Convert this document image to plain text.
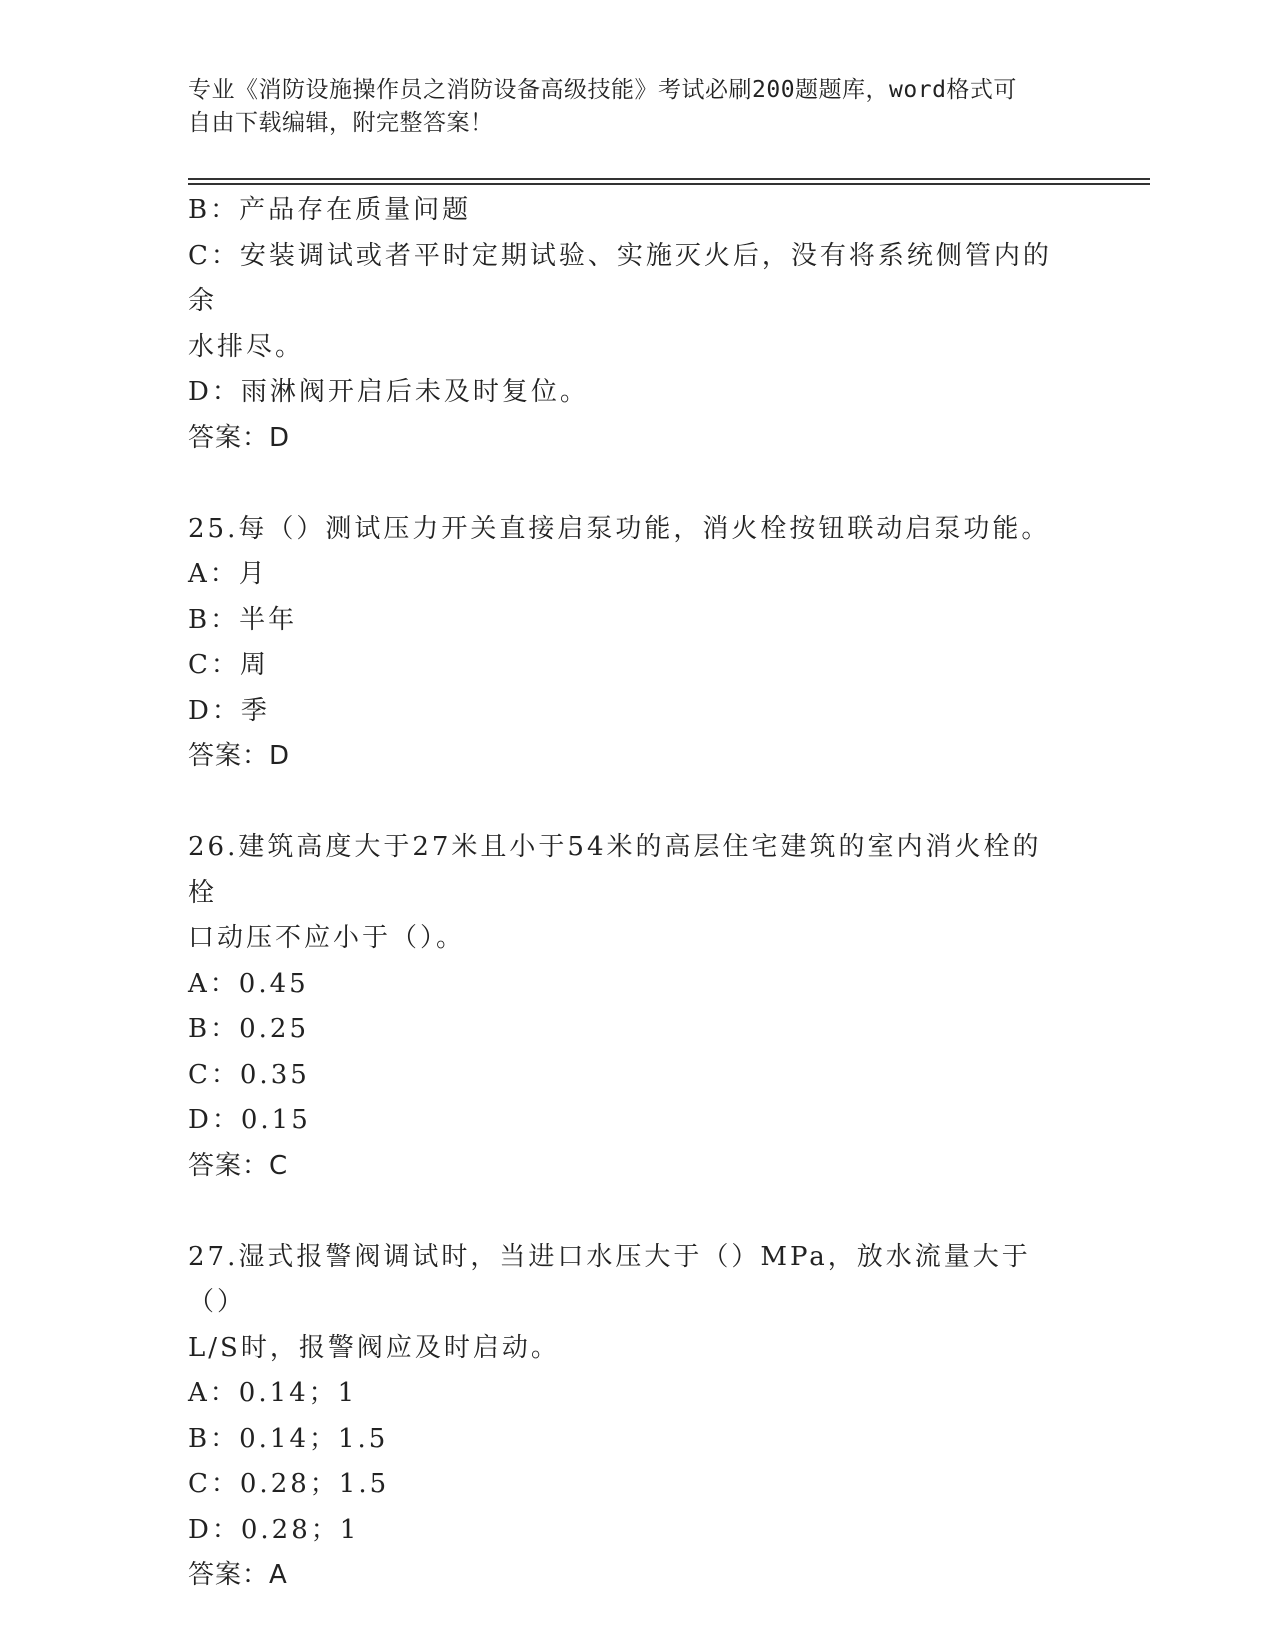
专业《消防设施操作员之消防设备高级技能》考试必刷200题题库，word格式可
自由下载编辑，附完整答案！

B：产品存在质量问题

C：安装调试或者平时定期试验、实施灭火后，没有将系统侧管内的余

水排尽。

D：雨淋阀开启后未及时复位。

答案：D

25.每（）测试压力开关直接启泵功能，消火栓按钮联动启泵功能。

A：月

B：半年

C：周

D：季

答案：D

26.建筑高度大于27米且小于54米的高层住宅建筑的室内消火栓的栓

口动压不应小于（）。

A：0.45

B：0.25

C：0.35

D：0.15

答案：C

27.湿式报警阀调试时，当进口水压大于（）MPa，放水流量大于（）

L/S时，报警阀应及时启动。

A：0.14；1

B：0.14；1.5

C：0.28；1.5

D：0.28；1

答案：A
